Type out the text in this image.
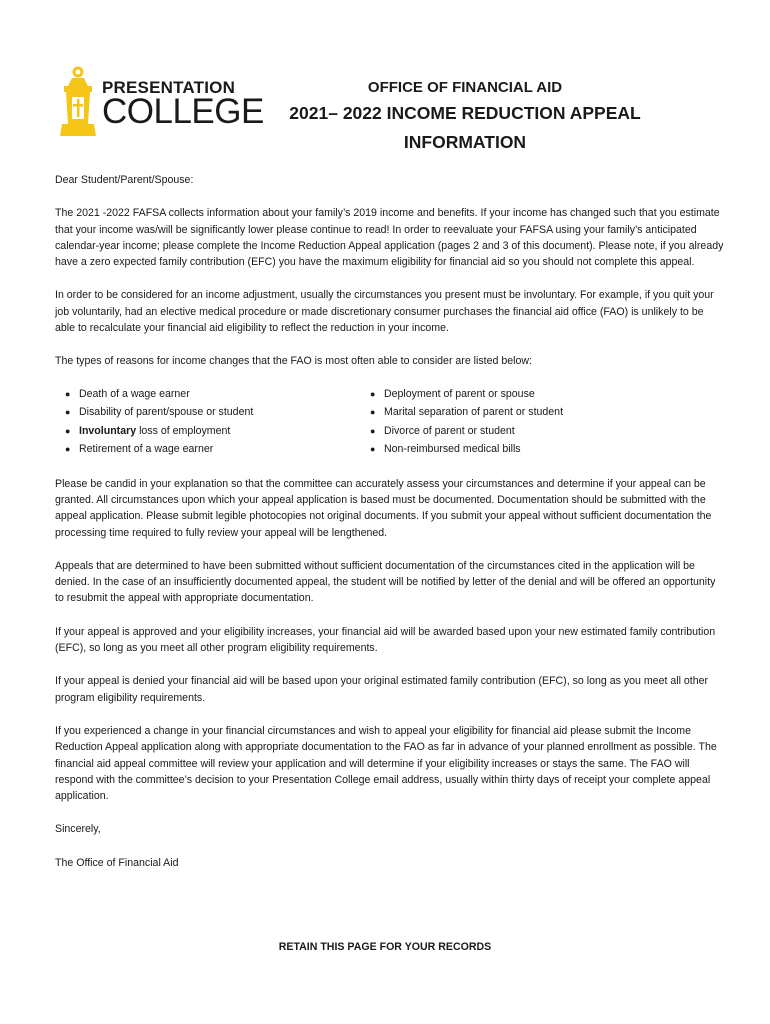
PRESENTATION
COLLEGE
OFFICE OF FINANCIAL AID
2021– 2022 INCOME REDUCTION APPEAL
INFORMATION

Dear Student/Parent/Spouse:

The 2021 -2022 FAFSA collects information about your family’s 2019 income and benefits. If your income has changed such that you estimate that your income was/will be significantly lower please continue to read! In order to reevaluate your FAFSA using your family’s anticipated calendar-year income; please complete the Income Reduction Appeal application (pages 2 and 3 of this document). Please note, if you already have a zero expected family contribution (EFC) you have the maximum eligibility for financial aid so you should not complete this appeal.

In order to be considered for an income adjustment, usually the circumstances you present must be involuntary. For example, if you quit your job voluntarily, had an elective medical procedure or made discretionary consumer purchases the financial aid office (FAO) is unlikely to be able to recalculate your financial aid eligibility to reflect the reduction in your income.

The types of reasons for income changes that the FAO is most often able to consider are listed below:

● Death of a wage earner
● Disability of parent/spouse or student
● Involuntary loss of employment
● Retirement of a wage earner
● Deployment of parent or spouse
● Marital separation of parent or student
● Divorce of parent or student
● Non-reimbursed medical bills

Please be candid in your explanation so that the committee can accurately assess your circumstances and determine if your appeal can be granted. All circumstances upon which your appeal application is based must be documented. Documentation should be submitted with the appeal application. Please submit legible photocopies not original documents. If you submit your appeal without sufficient documentation the processing time required to fully review your appeal will be lengthened.

Appeals that are determined to have been submitted without sufficient documentation of the circumstances cited in the application will be denied. In the case of an insufficiently documented appeal, the student will be notified by letter of the denial and will be offered an opportunity to resubmit the appeal with appropriate documentation.

If your appeal is approved and your eligibility increases, your financial aid will be awarded based upon your new estimated family contribution (EFC), so long as you meet all other program eligibility requirements.

If your appeal is denied your financial aid will be based upon your original estimated family contribution (EFC), so long as you meet all other program eligibility requirements.

If you experienced a change in your financial circumstances and wish to appeal your eligibility for financial aid please submit the Income Reduction Appeal application along with appropriate documentation to the FAO as far in advance of your planned enrollment as possible. The financial aid appeal committee will review your application and will determine if your eligibility increases or stays the same. The FAO will respond with the committee’s decision to your Presentation College email address, usually within thirty days of receipt your complete appeal application.

Sincerely,

The Office of Financial Aid

RETAIN THIS PAGE FOR YOUR RECORDS
